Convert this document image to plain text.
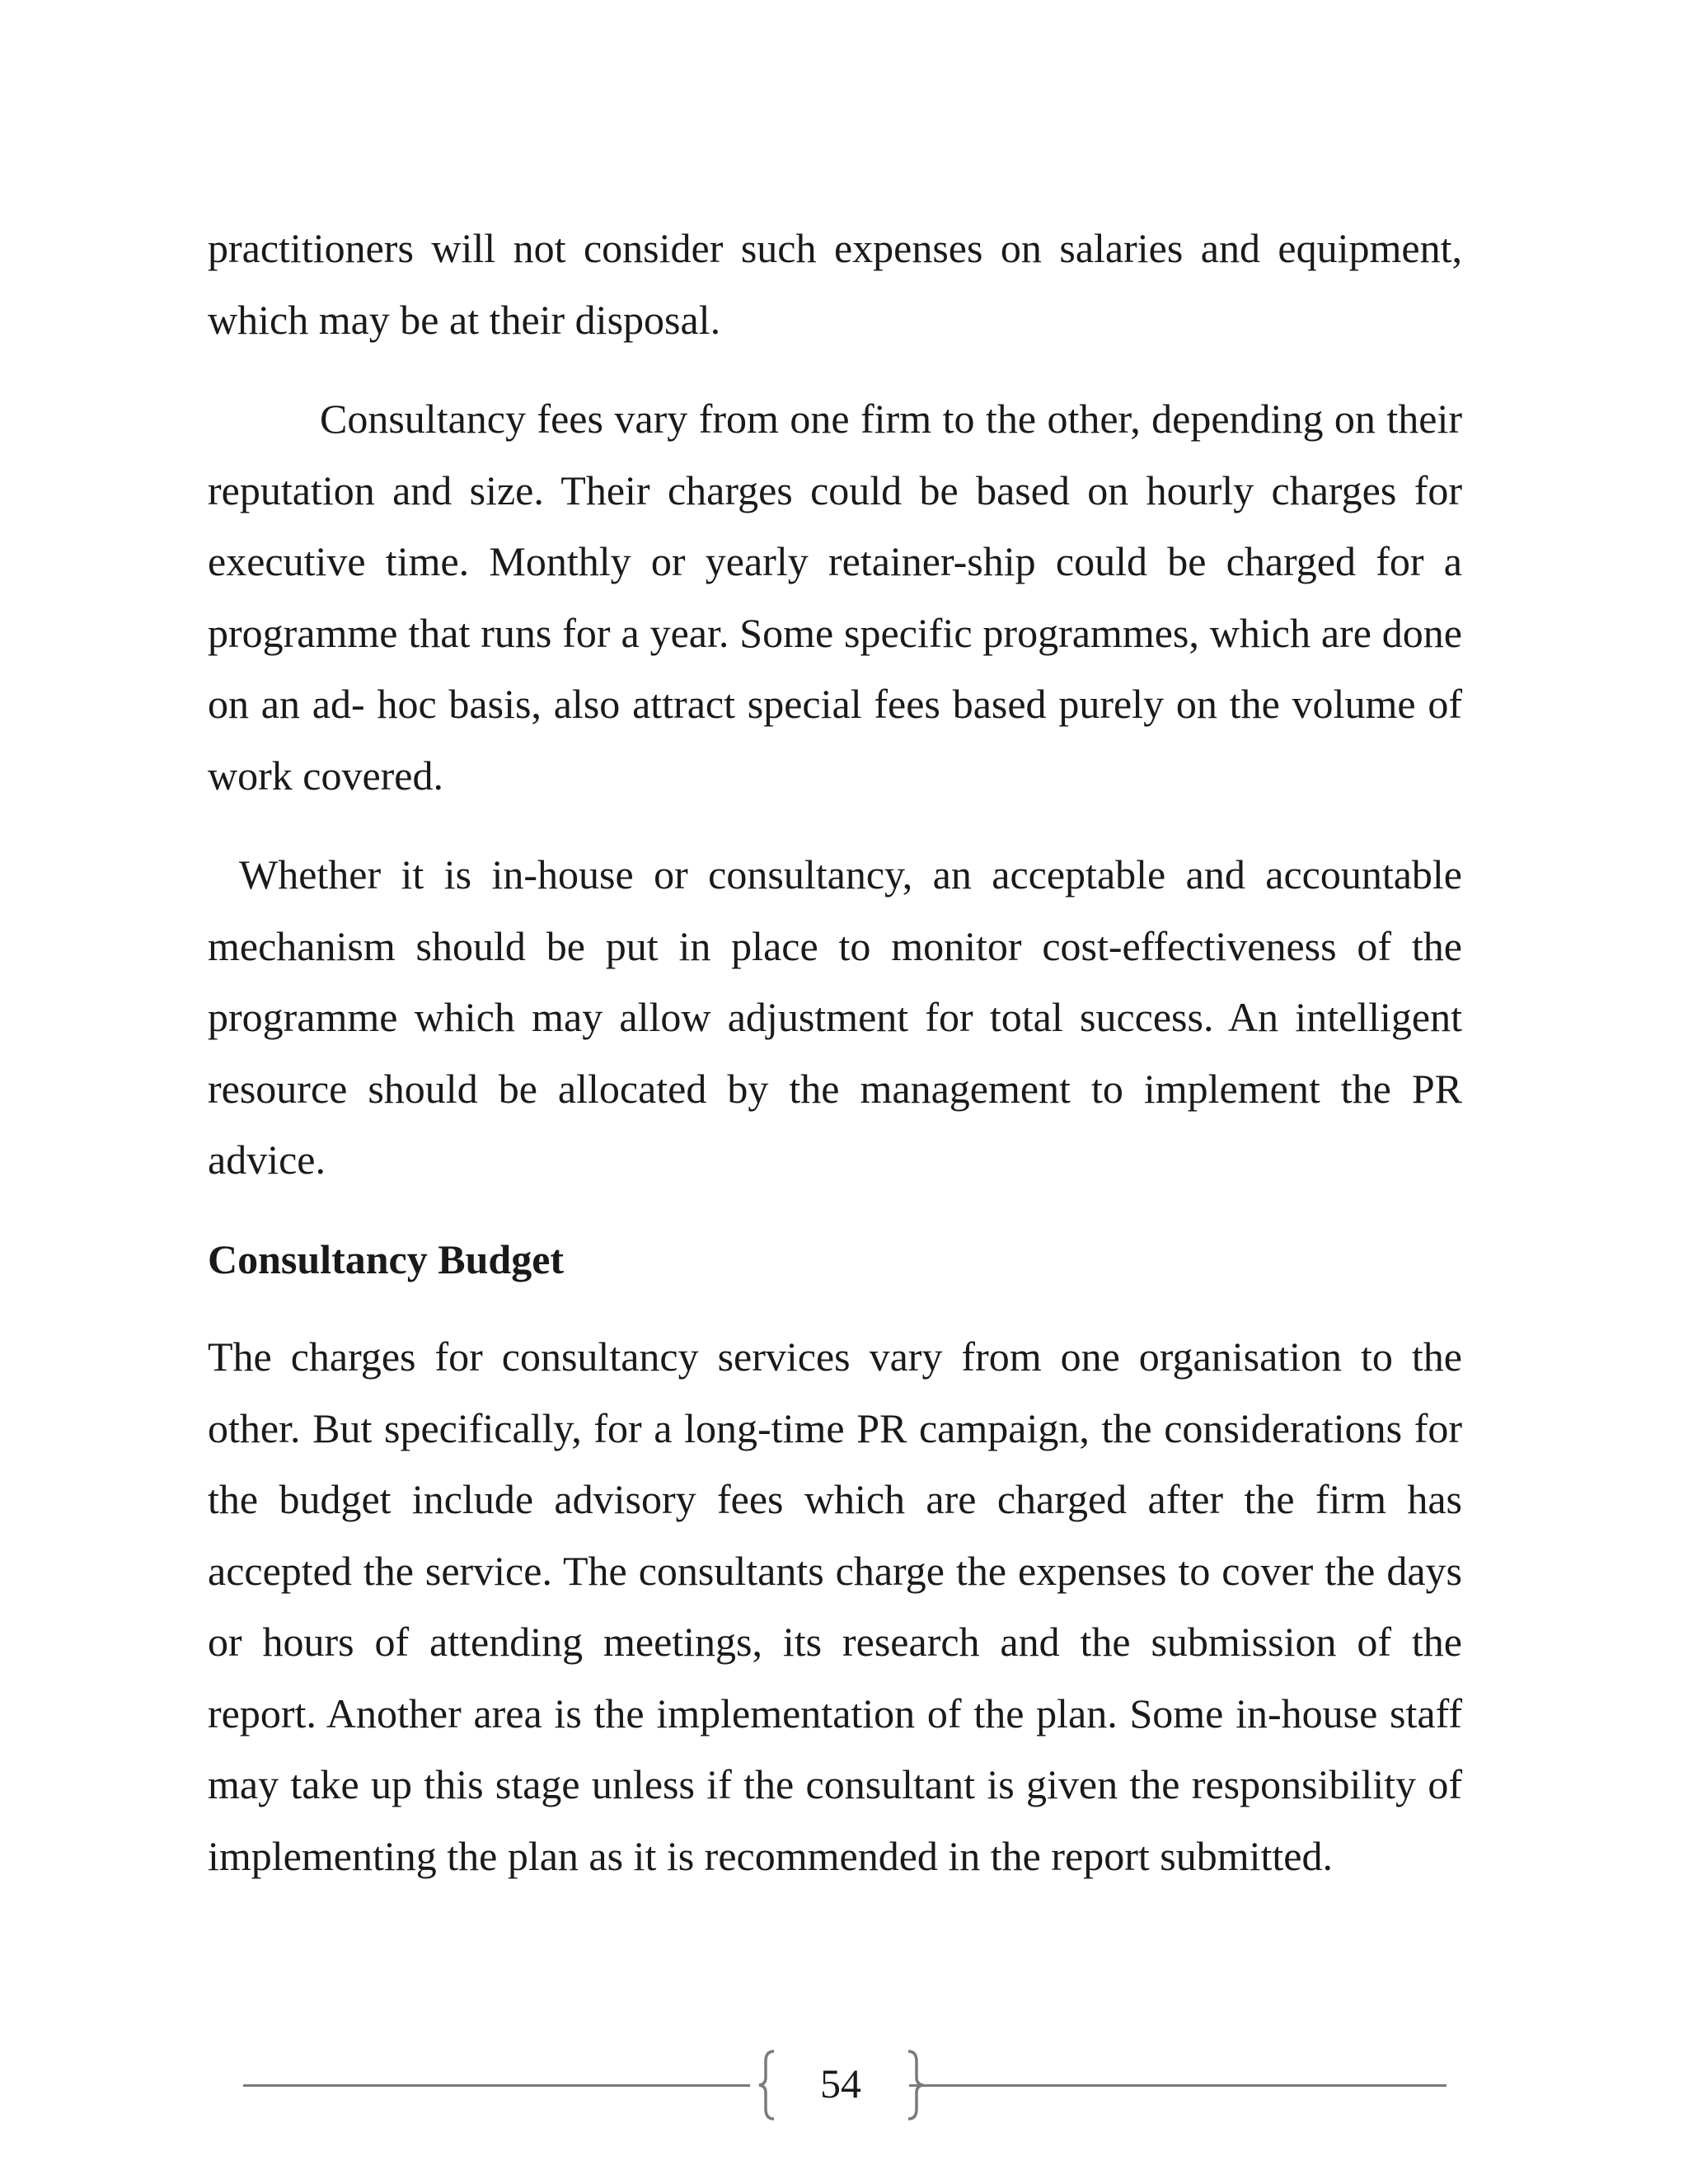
practitioners will not consider such expenses on salaries and equipment, which may be at their disposal.

Consultancy fees vary from one firm to the other, depending on their reputation and size. Their charges could be based on hourly charges for executive time. Monthly or yearly retainer-ship could be charged for a programme that runs for a year. Some specific programmes, which are done on an ad- hoc basis, also attract special fees based purely on the volume of work covered.

Whether it is in-house or consultancy, an acceptable and accountable mechanism should be put in place to monitor cost-effectiveness of the programme which may allow adjustment for total success. An intelligent resource should be allocated by the management to implement the PR advice.

Consultancy Budget

The charges for consultancy services vary from one organisation to the other. But specifically, for a long-time PR campaign, the considerations for the budget include advisory fees which are charged after the firm has accepted the service. The consultants charge the expenses to cover the days or hours of attending meetings, its research and the submission of the report. Another area is the implementation of the plan. Some in-house staff may take up this stage unless if the consultant is given the responsibility of implementing the plan as it is recommended in the report submitted.

54
